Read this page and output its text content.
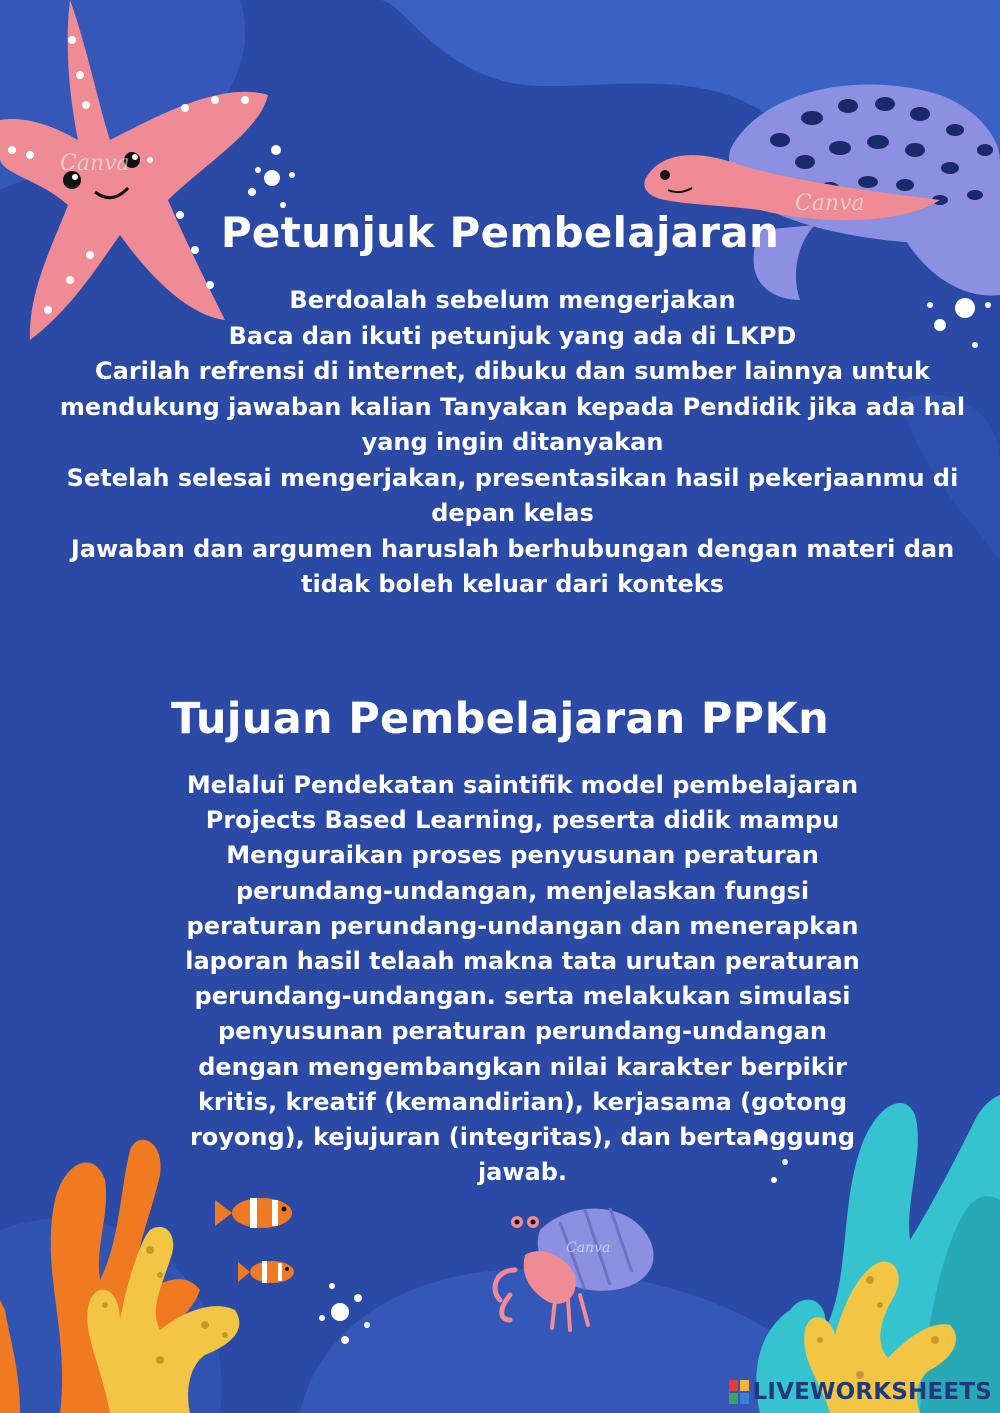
Canva
Canva
Canva
Petunjuk Pembelajaran
Berdoalah sebelum mengerjakan
Baca dan ikuti petunjuk yang ada di LKPD
Carilah refrensi di internet, dibuku dan sumber lainnya untuk mendukung jawaban kalian Tanyakan kepada Pendidik jika ada hal yang ingin ditanyakan
Setelah selesai mengerjakan, presentasikan hasil pekerjaanmu di depan kelas
Jawaban dan argumen haruslah berhubungan dengan materi dan tidak boleh keluar dari konteks
Tujuan Pembelajaran PPKn

Melalui Pendekatan saintifik model pembelajaran Projects Based Learning, peserta didik mampu Menguraikan proses penyusunan peraturan perundang-undangan, menjelaskan fungsi peraturan perundang-undangan dan menerapkan laporan hasil telaah makna tata urutan peraturan perundang-undangan. serta melakukan simulasi penyusunan peraturan perundang-undangan dengan mengembangkan nilai karakter berpikir kritis, kreatif (kemandirian), kerjasama (gotong royong), kejujuran (integritas), dan bertanggung jawab.

LIVEWORKSHEETS
